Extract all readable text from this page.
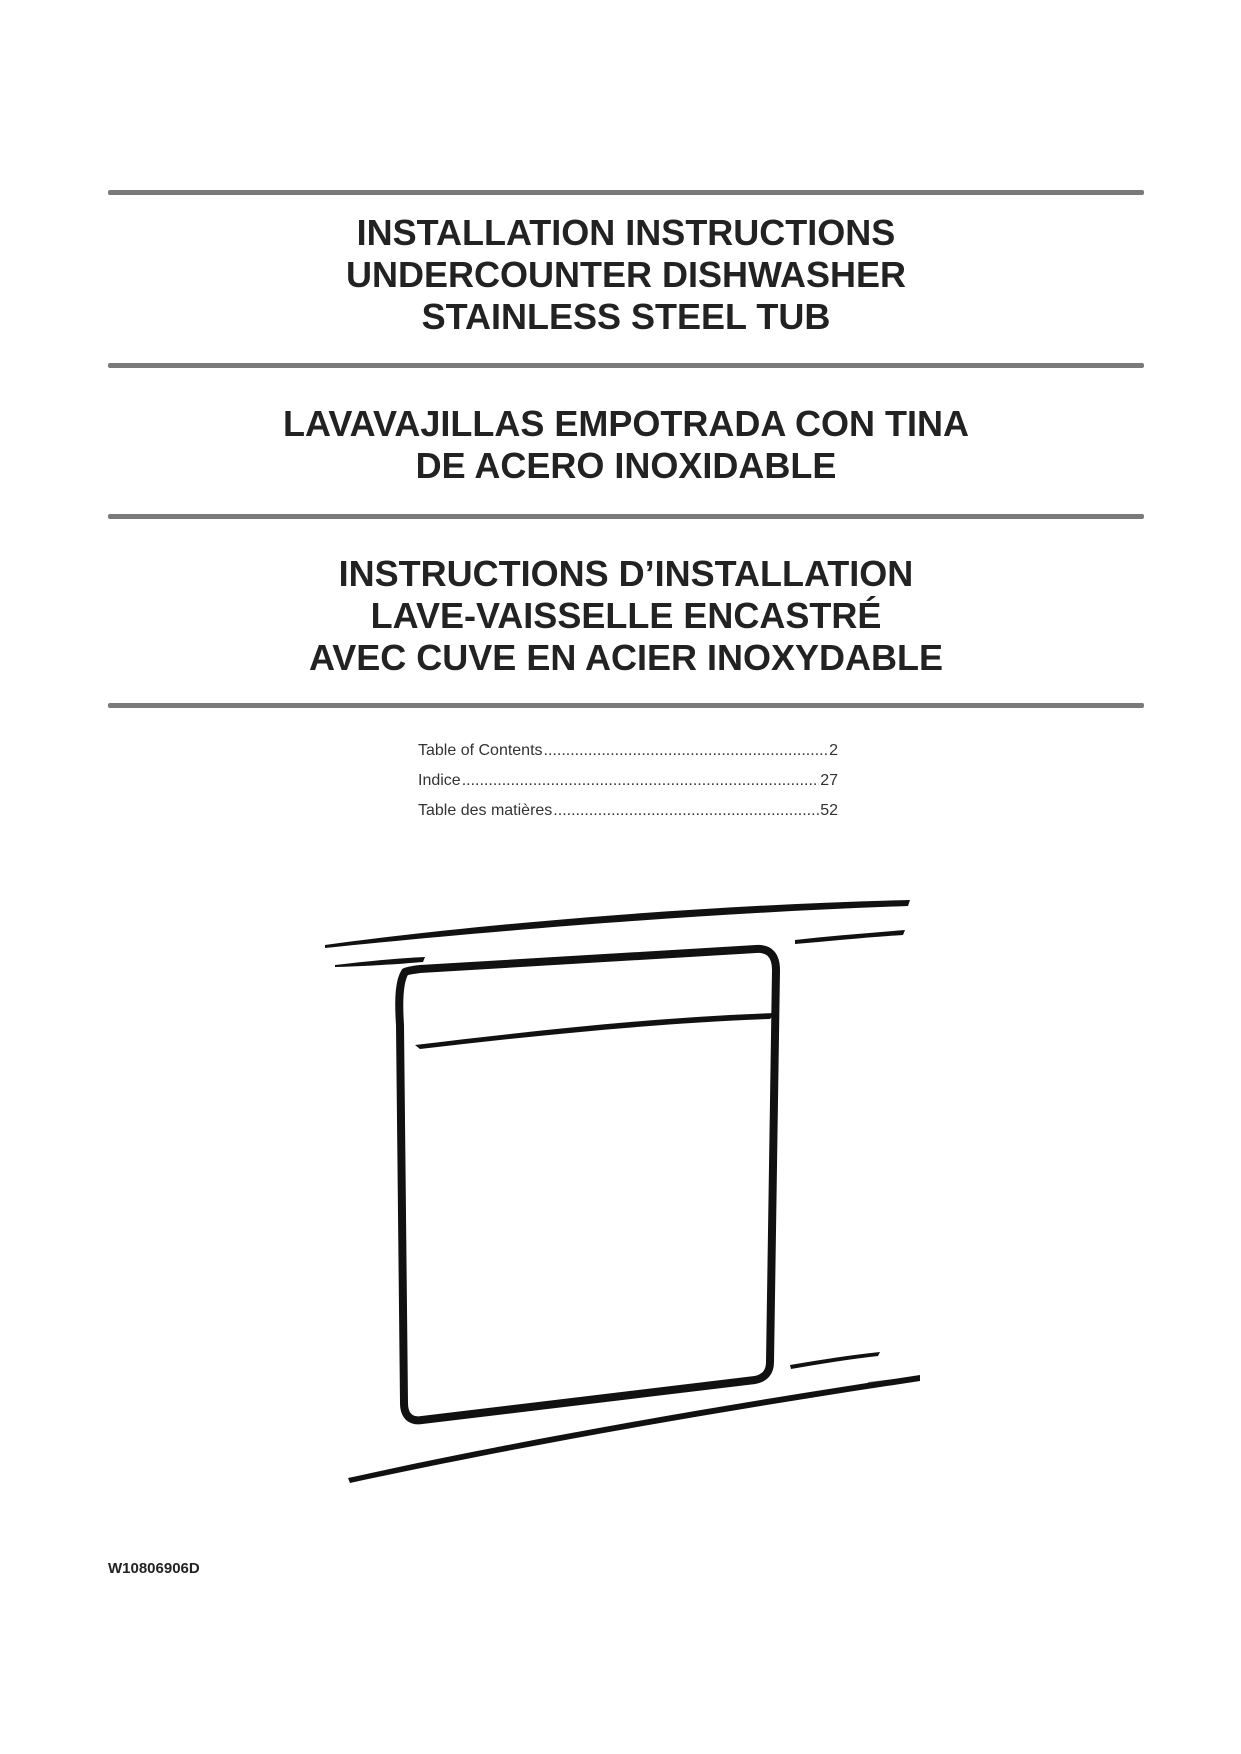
INSTALLATION INSTRUCTIONS
UNDERCOUNTER DISHWASHER
STAINLESS STEEL TUB
LAVAVAJILLAS EMPOTRADA CON TINA
DE ACERO INOXIDABLE
INSTRUCTIONS D’INSTALLATION
LAVE-VAISSELLE ENCASTRÉ
AVEC CUVE EN ACIER INOXYDABLE
Table of Contents .....	2
Indice .....	27
Table des matières .....	52
W10806906D
